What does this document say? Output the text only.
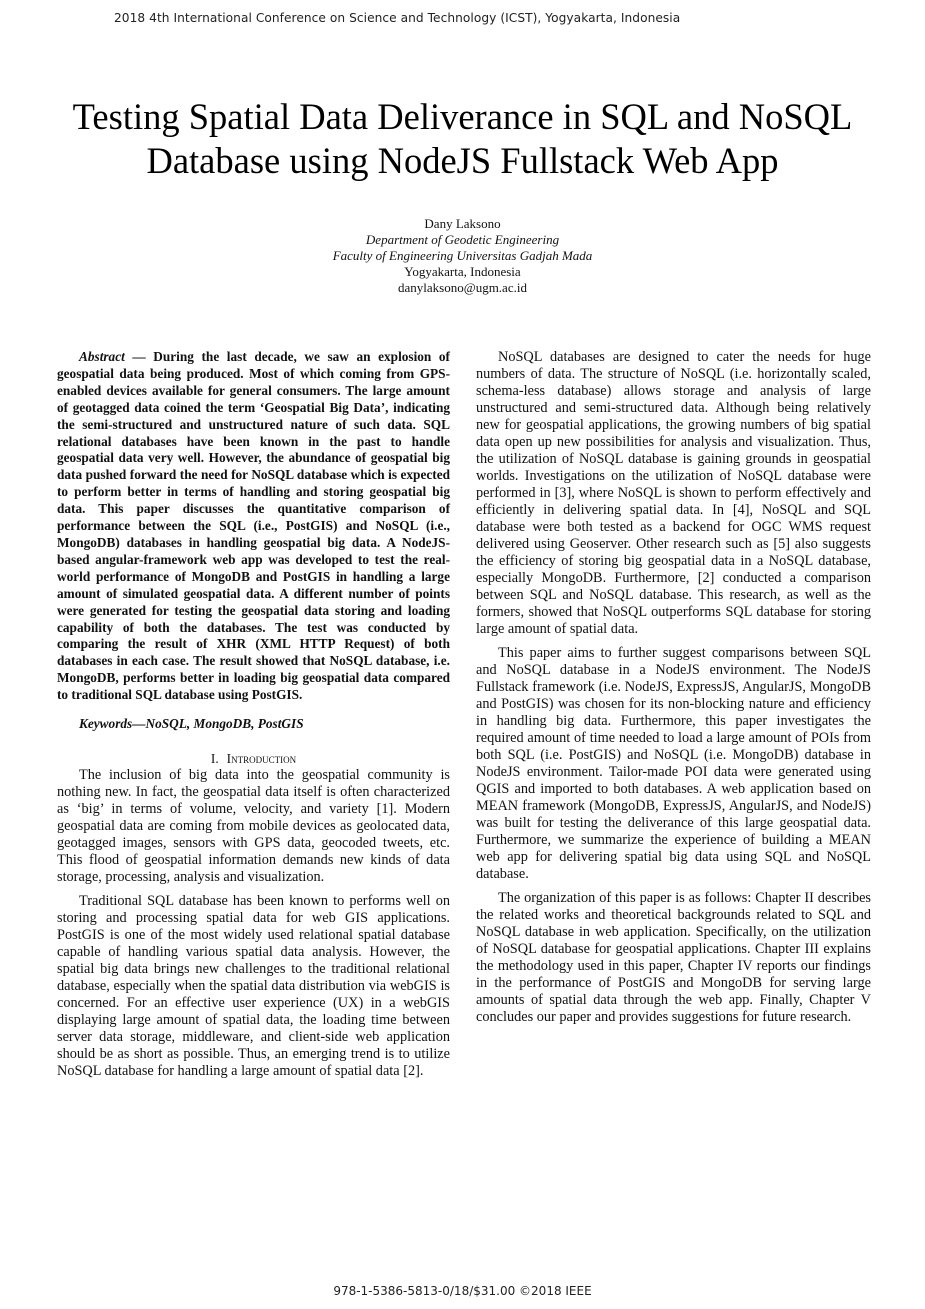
2018 4th International Conference on Science and Technology (ICST), Yogyakarta, Indonesia
Testing Spatial Data Deliverance in SQL and NoSQL
Database using NodeJS Fullstack Web App
Dany Laksono
Department of Geodetic Engineering
Faculty of Engineering Universitas Gadjah Mada
Yogyakarta, Indonesia
danylaksono@ugm.ac.id

Abstract — During the last decade, we saw an explosion of geospatial data being produced. Most of which coming from GPS-enabled devices available for general consumers. The large amount of geotagged data coined the term ‘Geospatial Big Data’, indicating the semi-structured and unstructured nature of such data. SQL relational databases have been known in the past to handle geospatial data very well. However, the abundance of geospatial big data pushed forward the need for NoSQL database which is expected to perform better in terms of handling and storing geospatial big data. This paper discusses the quantitative comparison of performance between the SQL (i.e., PostGIS) and NoSQL (i.e., MongoDB) databases in handling geospatial big data. A NodeJS-based angular-framework web app was developed to test the real-world performance of MongoDB and PostGIS in handling a large amount of simulated geospatial data. A different number of points were generated for testing the geospatial data storing and loading capability of both the databases. The test was conducted by comparing the result of XHR (XML HTTP Request) of both databases in each case. The result showed that NoSQL database, i.e. MongoDB, performs better in loading big geospatial data compared to traditional SQL database using PostGIS.

Keywords—NoSQL, MongoDB, PostGIS

I. Introduction

The inclusion of big data into the geospatial community is nothing new. In fact, the geospatial data itself is often characterized as ‘big’ in terms of volume, velocity, and variety [1]. Modern geospatial data are coming from mobile devices as geolocated data, geotagged images, sensors with GPS data, geocoded tweets, etc. This flood of geospatial information demands new kinds of data storage, processing, analysis and visualization.

Traditional SQL database has been known to performs well on storing and processing spatial data for web GIS applications. PostGIS is one of the most widely used relational spatial database capable of handling various spatial data analysis. However, the spatial big data brings new challenges to the traditional relational database, especially when the spatial data distribution via webGIS is concerned. For an effective user experience (UX) in a webGIS displaying large amount of spatial data, the loading time between server data storage, middleware, and client-side web application should be as short as possible. Thus, an emerging trend is to utilize NoSQL database for handling a large amount of spatial data [2].

NoSQL databases are designed to cater the needs for huge numbers of data. The structure of NoSQL (i.e. horizontally scaled, schema-less database) allows storage and analysis of large unstructured and semi-structured data. Although being relatively new for geospatial applications, the growing numbers of big spatial data open up new possibilities for analysis and visualization. Thus, the utilization of NoSQL database is gaining grounds in geospatial worlds. Investigations on the utilization of NoSQL database were performed in [3], where NoSQL is shown to perform effectively and efficiently in delivering spatial data. In [4], NoSQL and SQL database were both tested as a backend for OGC WMS request delivered using Geoserver. Other research such as [5] also suggests the efficiency of storing big geospatial data in a NoSQL database, especially MongoDB. Furthermore, [2] conducted a comparison between SQL and NoSQL database. This research, as well as the formers, showed that NoSQL outperforms SQL database for storing large amount of spatial data.

This paper aims to further suggest comparisons between SQL and NoSQL database in a NodeJS environment. The NodeJS Fullstack framework (i.e. NodeJS, ExpressJS, AngularJS, MongoDB and PostGIS) was chosen for its non-blocking nature and efficiency in handling big data. Furthermore, this paper investigates the required amount of time needed to load a large amount of POIs from both SQL (i.e. PostGIS) and NoSQL (i.e. MongoDB) database in NodeJS environment. Tailor-made POI data were generated using QGIS and imported to both databases. A web application based on MEAN framework (MongoDB, ExpressJS, AngularJS, and NodeJS) was built for testing the deliverance of this large geospatial data. Furthermore, we summarize the experience of building a MEAN web app for delivering spatial big data using SQL and NoSQL database.

The organization of this paper is as follows: Chapter II describes the related works and theoretical backgrounds related to SQL and NoSQL database in web application. Specifically, on the utilization of NoSQL database for geospatial applications. Chapter III explains the methodology used in this paper, Chapter IV reports our findings in the performance of PostGIS and MongoDB for serving large amounts of spatial data through the web app. Finally, Chapter V concludes our paper and provides suggestions for future research.

978-1-5386-5813-0/18/$31.00 ©2018 IEEE
